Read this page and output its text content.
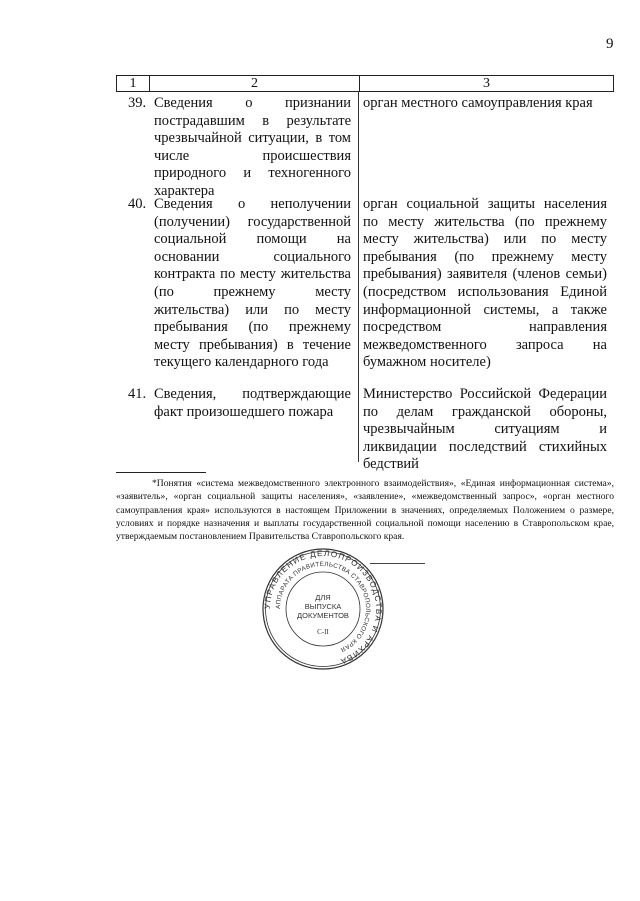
9
1	2	3
39. Сведения о признании пострадавшим в результате чрезвычайной ситуации, в том числе происшествия природного и техногенного характера
орган местного самоуправления края
40. Сведения о неполучении (получении) государственной социальной помощи на основании социального контракта по месту жительства (по прежнему месту жительства) или по месту пребывания (по прежнему месту пребывания) в течение текущего календарного года
орган социальной защиты населения по месту жительства (по прежнему месту жительства) или по месту пребывания (по прежнему месту пребывания) заявителя (членов семьи) (посредством использования Единой информационной системы, а также посредством направления межведомственного запроса на бумажном носителе)
41. Сведения, подтверждающие факт произошедшего пожара
Министерство Российской Федерации по делам гражданской обороны, чрезвычайным ситуациям и ликвидации последствий стихийных бедствий
*Понятия «система межведомственного электронного взаимодействия», «Единая информационная система», «заявитель», «орган социальной защиты населения», «заявление», «межведомственный запрос», «орган местного самоуправления края» используются в настоящем Приложении в значениях, определяемых Положением о размере, условиях и порядке назначения и выплаты государственной социальной помощи населению в Ставропольском крае, утверждаемым постановлением Правительства Ставропольского края.
УПРАВЛЕНИЕ ДЕЛОПРОИЗВОДСТВА И АРХИВА
АППАРАТА ПРАВИТЕЛЬСТВА СТАВРОПОЛЬСКОГО КРАЯ
ДЛЯ
ВЫПУСКА
ДОКУМЕНТОВ
С-II
